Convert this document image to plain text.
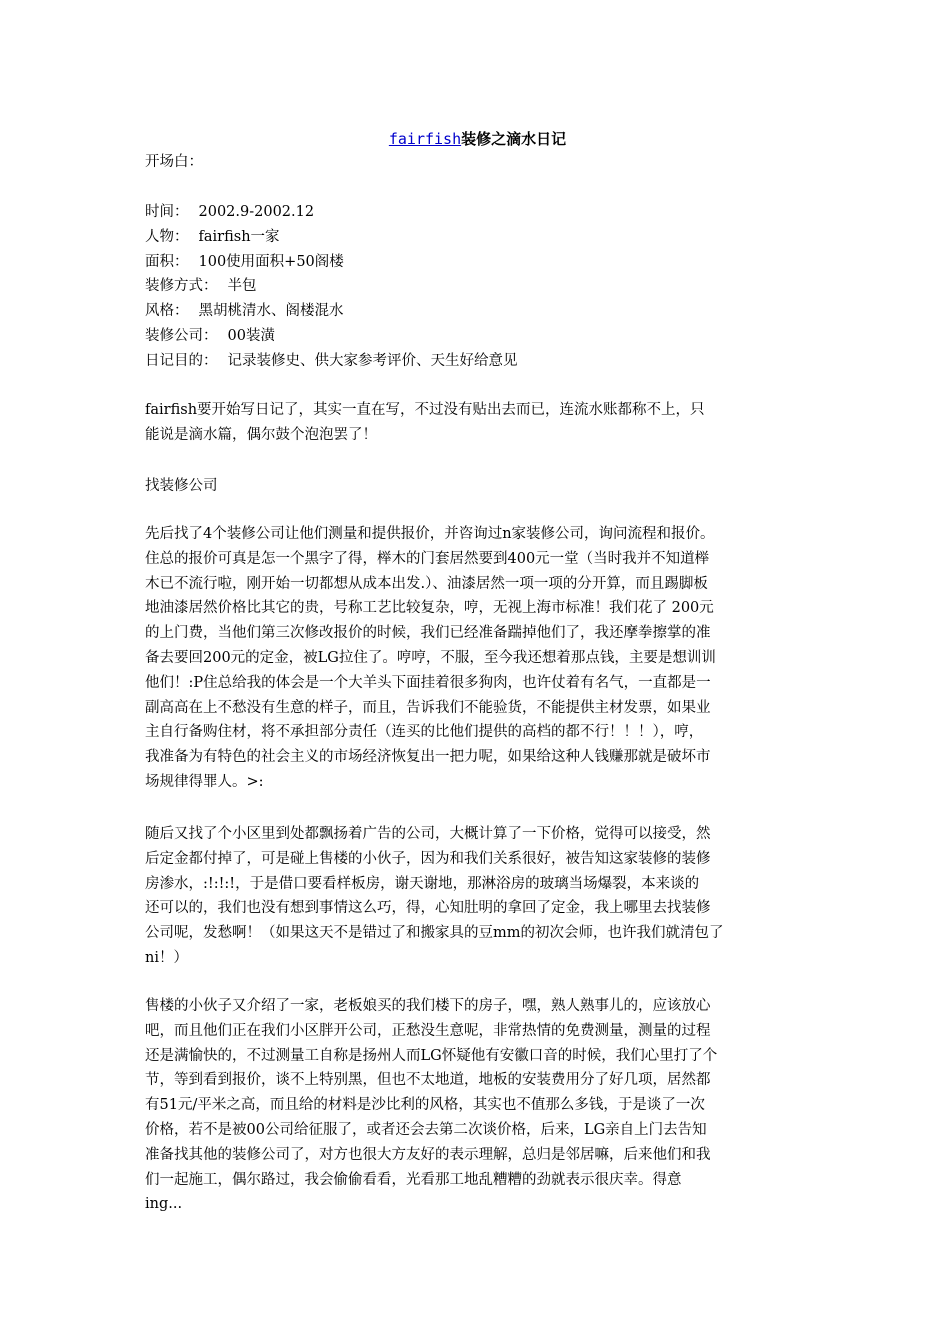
fairfish装修之滴水日记
开场白：
时间： 2002.9-2002.12
人物： fairfish一家
面积： 100使用面积+50阁楼
装修方式： 半包
风格： 黑胡桃清水、阁楼混水
装修公司： 00装潢
日记目的： 记录装修史、供大家参考评价、天生好给意见
fairfish要开始写日记了，其实一直在写，不过没有贴出去而已，连流水账都称不上，只
能说是滴水篇，偶尔鼓个泡泡罢了！
找装修公司
先后找了4个装修公司让他们测量和提供报价，并咨询过n家装修公司，询问流程和报价。
住总的报价可真是怎一个黑字了得，榉木的门套居然要到400元一堂（当时我并不知道榉
木已不流行啦，刚开始一切都想从成本出发.）、油漆居然一项一项的分开算，而且踢脚板
地油漆居然价格比其它的贵，号称工艺比较复杂，哼，无视上海市标准！我们花了 200元
的上门费，当他们第三次修改报价的时候，我们已经准备踹掉他们了，我还摩拳擦掌的准
备去要回200元的定金，被LG拉住了。哼哼，不服，至今我还想着那点钱，主要是想训训
他们！:P住总给我的体会是一个大羊头下面挂着很多狗肉，也许仗着有名气，一直都是一
副高高在上不愁没有生意的样子，而且，告诉我们不能验货，不能提供主材发票，如果业
主自行备购住材，将不承担部分责任（连买的比他们提供的高档的都不行！！！），哼，
我准备为有特色的社会主义的市场经济恢复出一把力呢，如果给这种人钱赚那就是破坏市
场规律得罪人。>:
随后又找了个小区里到处都飘扬着广告的公司，大概计算了一下价格，觉得可以接受，然
后定金都付掉了，可是碰上售楼的小伙子，因为和我们关系很好，被告知这家装修的装修
房渗水，:!:!:!，于是借口要看样板房，谢天谢地，那淋浴房的玻璃当场爆裂，本来谈的
还可以的，我们也没有想到事情这么巧，得，心知肚明的拿回了定金，我上哪里去找装修
公司呢，发愁啊！（如果这天不是错过了和搬家具的豆mm的初次会师，也许我们就清包了
ni！）
售楼的小伙子又介绍了一家，老板娘买的我们楼下的房子，嘿，熟人熟事儿的，应该放心
吧，而且他们正在我们小区胖开公司，正愁没生意呢，非常热情的免费测量，测量的过程
还是满愉快的，不过测量工自称是扬州人而LG怀疑他有安徽口音的时候，我们心里打了个
节，等到看到报价，谈不上特别黑，但也不太地道，地板的安装费用分了好几项，居然都
有51元/平米之高，而且给的材料是沙比利的风格，其实也不值那么多钱，于是谈了一次
价格，若不是被00公司给征服了，或者还会去第二次谈价格，后来，LG亲自上门去告知
准备找其他的装修公司了，对方也很大方友好的表示理解，总归是邻居嘛，后来他们和我
们一起施工，偶尔路过，我会偷偷看看，光看那工地乱糟糟的劲就表示很庆幸。得意
ing...
